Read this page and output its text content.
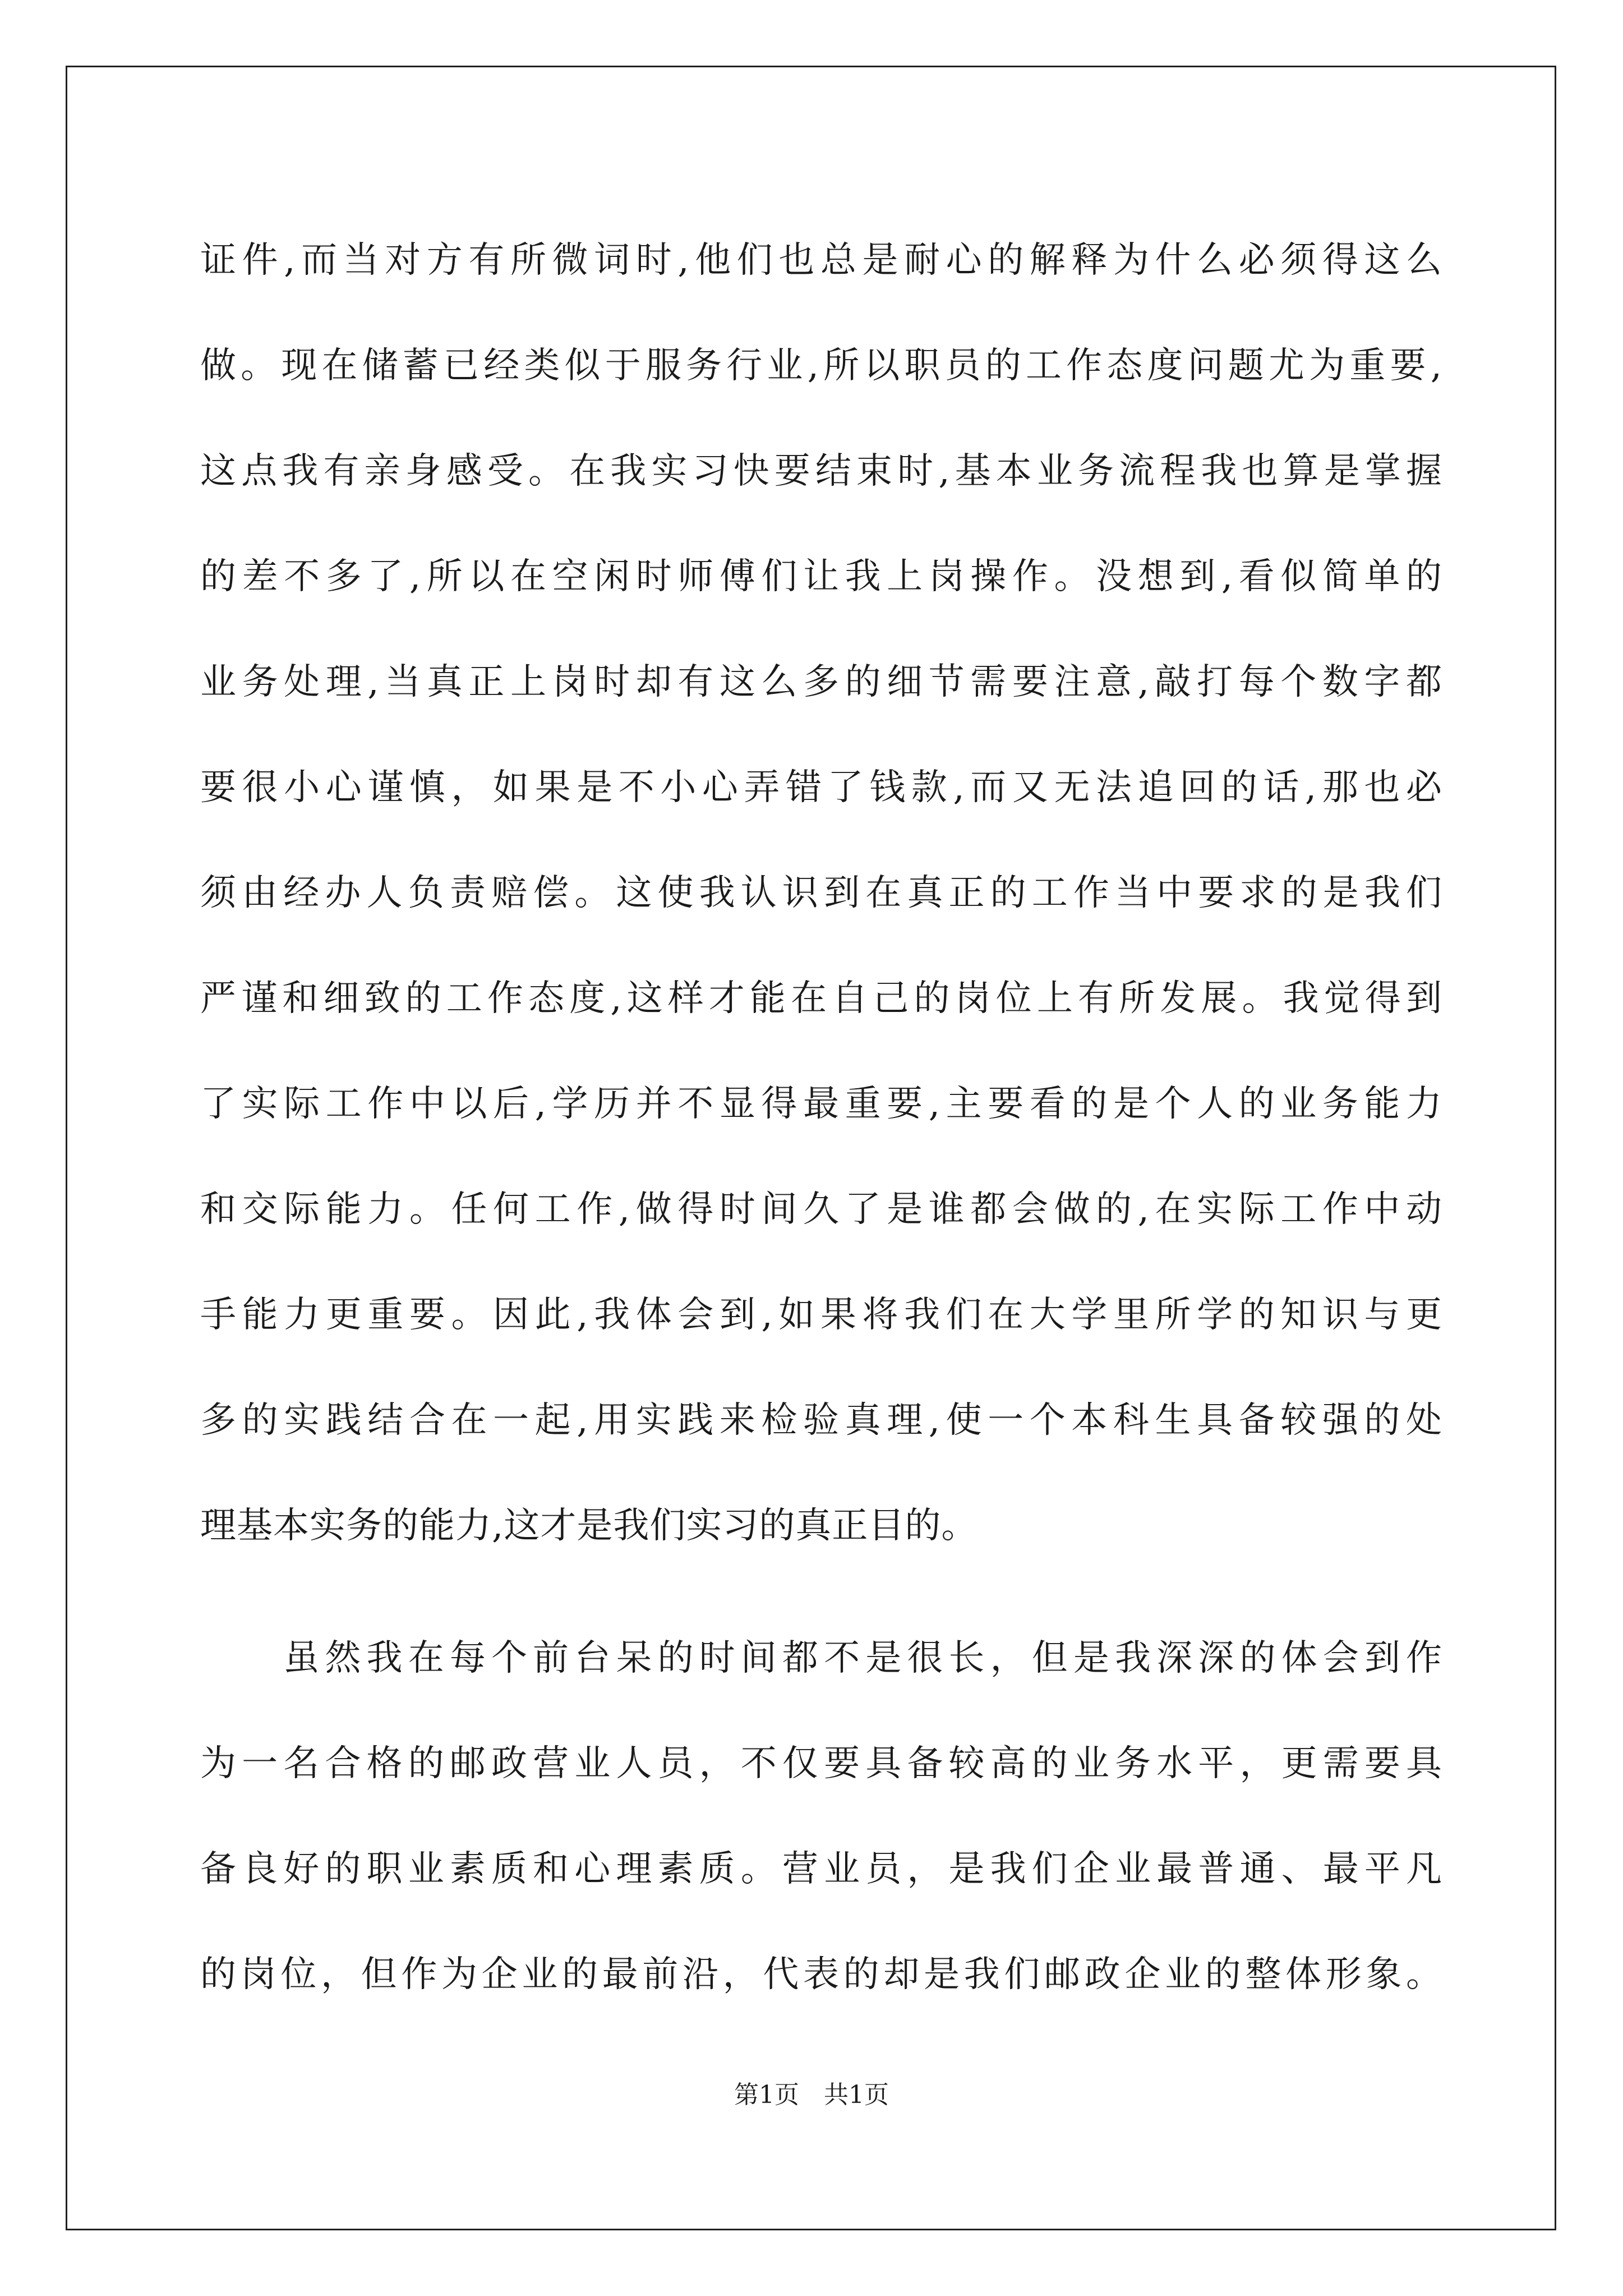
证件,而当对方有所微词时,他们也总是耐心的解释为什么必须得这么
做。现在储蓄已经类似于服务行业,所以职员的工作态度问题尤为重要,
这点我有亲身感受。在我实习快要结束时,基本业务流程我也算是掌握
的差不多了,所以在空闲时师傅们让我上岗操作。没想到,看似简单的
业务处理,当真正上岗时却有这么多的细节需要注意,敲打每个数字都
要很小心谨慎，如果是不小心弄错了钱款,而又无法追回的话,那也必
须由经办人负责赔偿。这使我认识到在真正的工作当中要求的是我们
严谨和细致的工作态度,这样才能在自己的岗位上有所发展。我觉得到
了实际工作中以后,学历并不显得最重要,主要看的是个人的业务能力
和交际能力。任何工作,做得时间久了是谁都会做的,在实际工作中动
手能力更重要。因此,我体会到,如果将我们在大学里所学的知识与更
多的实践结合在一起,用实践来检验真理,使一个本科生具备较强的处
理基本实务的能力,这才是我们实习的真正目的。
　　虽然我在每个前台呆的时间都不是很长，但是我深深的体会到作
为一名合格的邮政营业人员，不仅要具备较高的业务水平，更需要具
备良好的职业素质和心理素质。营业员，是我们企业最普通、最平凡
的岗位，但作为企业的最前沿，代表的却是我们邮政企业的整体形象。
第1页　共1页
